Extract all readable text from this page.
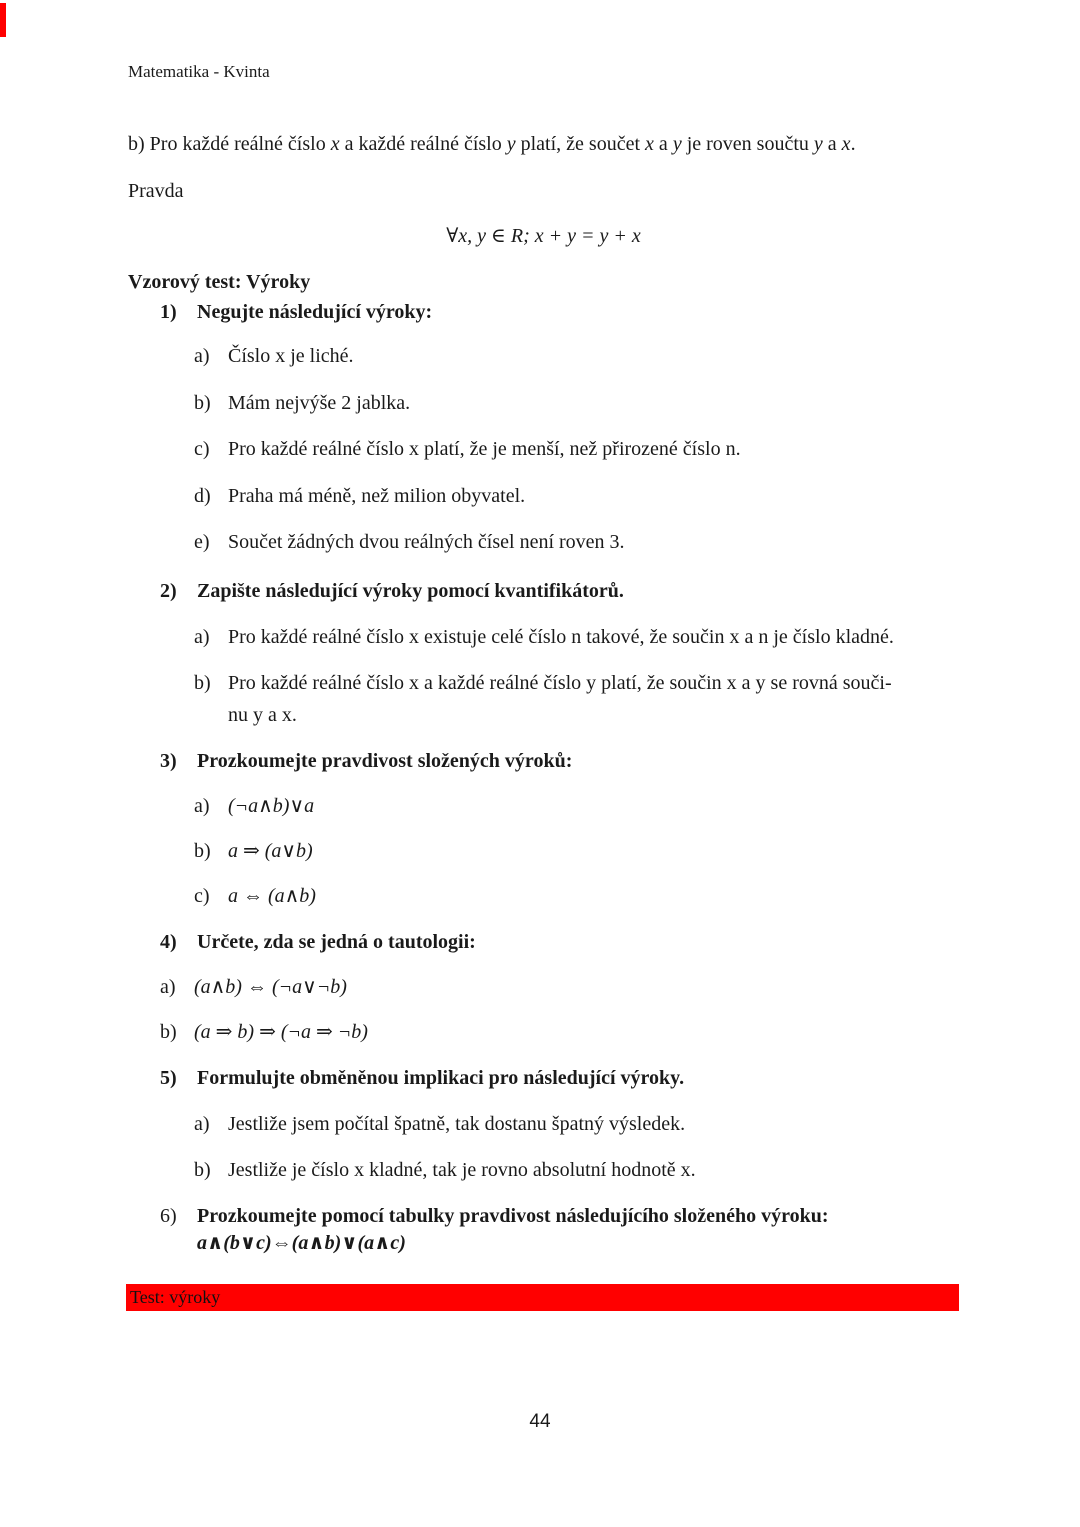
Matematika - Kvinta
b) Pro každé reálné číslo x a každé reálné číslo y platí, že součet x a y je roven součtu y a x.
Pravda
∀x, y ∈ R; x + y = y + x
Vzorový test: Výroky
1) Negujte následující výroky:
a) Číslo x je liché.
b) Mám nejvýše 2 jablka.
c) Pro každé reálné číslo x platí, že je menší, než přirozené číslo n.
d) Praha má méně, než milion obyvatel.
e) Součet žádných dvou reálných čísel není roven 3.
2) Zapište následující výroky pomocí kvantifikátorů.
a) Pro každé reálné číslo x existuje celé číslo n takové, že součin x a n je číslo kladné.
b) Pro každé reálné číslo x a každé reálné číslo y platí, že součin x a y se rovná souči-
nu y a x.
3) Prozkoumejte pravdivost složených výroků:
a) (¬a∧b)∨a
b) a ⇒ (a∨b)
c) a ⇔ (a∧b)
4) Určete, zda se jedná o tautologii:
a) (a∧b) ⇔ (¬a∨¬b)
b) (a ⇒ b) ⇒ (¬a ⇒ ¬b)
5) Formulujte obměněnou implikaci pro následující výroky.
a) Jestliže jsem počítal špatně, tak dostanu špatný výsledek.
b) Jestliže je číslo x kladné, tak je rovno absolutní hodnotě x.
6) Prozkoumejte pomocí tabulky pravdivost následujícího složeného výroku:
a∧(b∨c)⇔(a∧b)∨(a∧c)
Test: výroky
44
